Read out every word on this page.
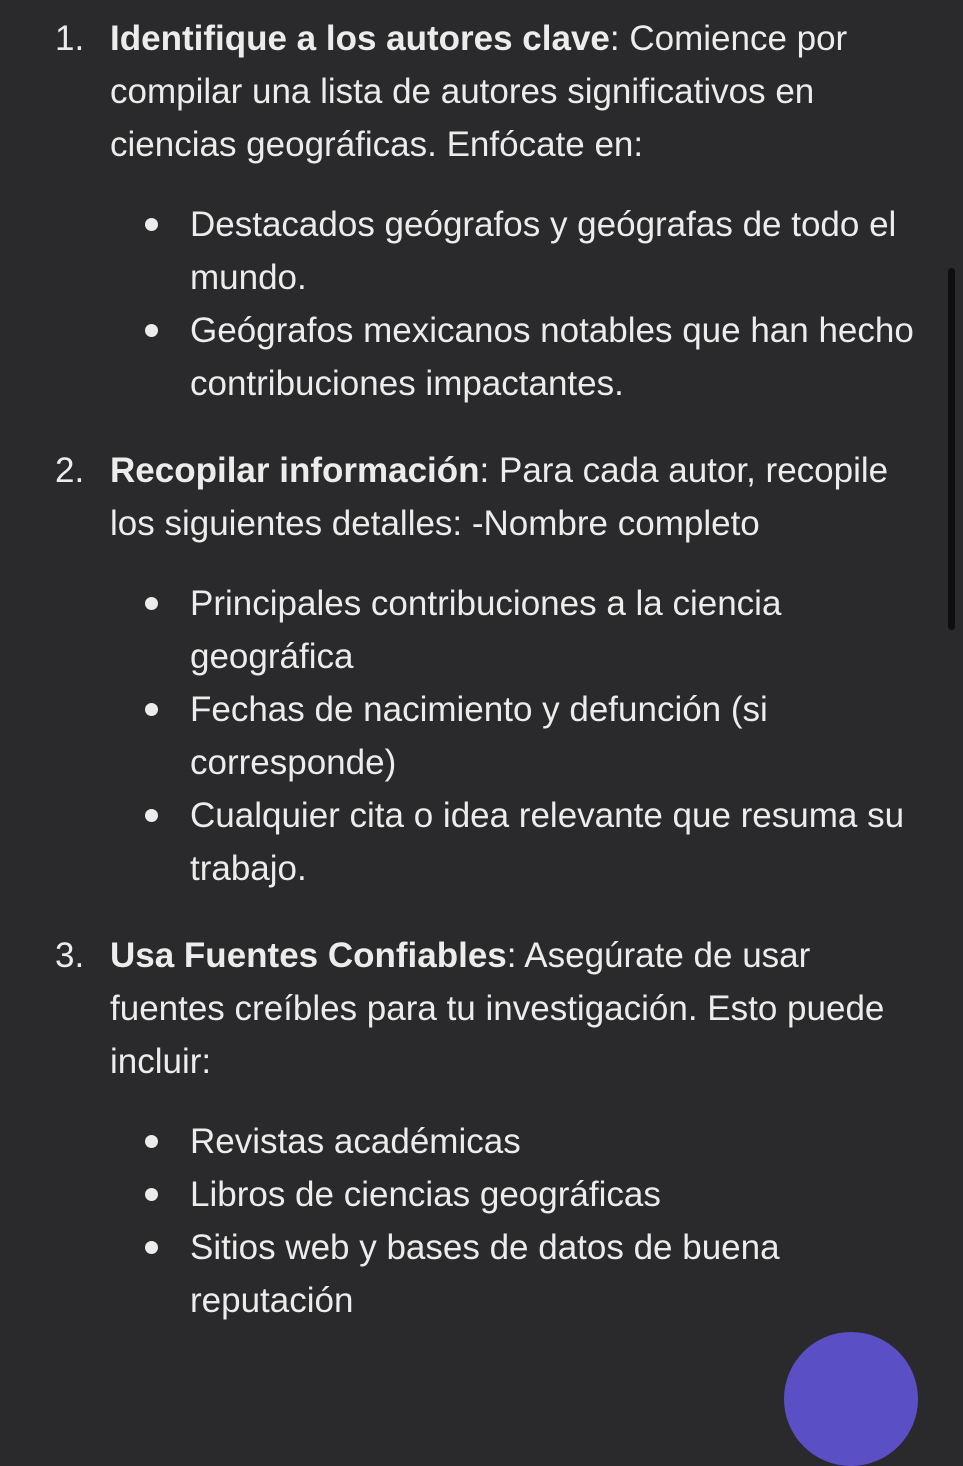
1. Identifique a los autores clave: Comience por compilar una lista de autores significativos en ciencias geográficas. Enfócate en:

Destacados geógrafos y geógrafas de todo el mundo.
Geógrafos mexicanos notables que han hecho contribuciones impactantes.
2. Recopilar información: Para cada autor, recopile los siguientes detalles: -Nombre completo

Principales contribuciones a la ciencia geográfica
Fechas de nacimiento y defunción (si corresponde)
Cualquier cita o idea relevante que resuma su trabajo.
3. Usa Fuentes Confiables: Asegúrate de usar fuentes creíbles para tu investigación. Esto puede incluir:

Revistas académicas
Libros de ciencias geográficas
Sitios web y bases de datos de buena reputación
